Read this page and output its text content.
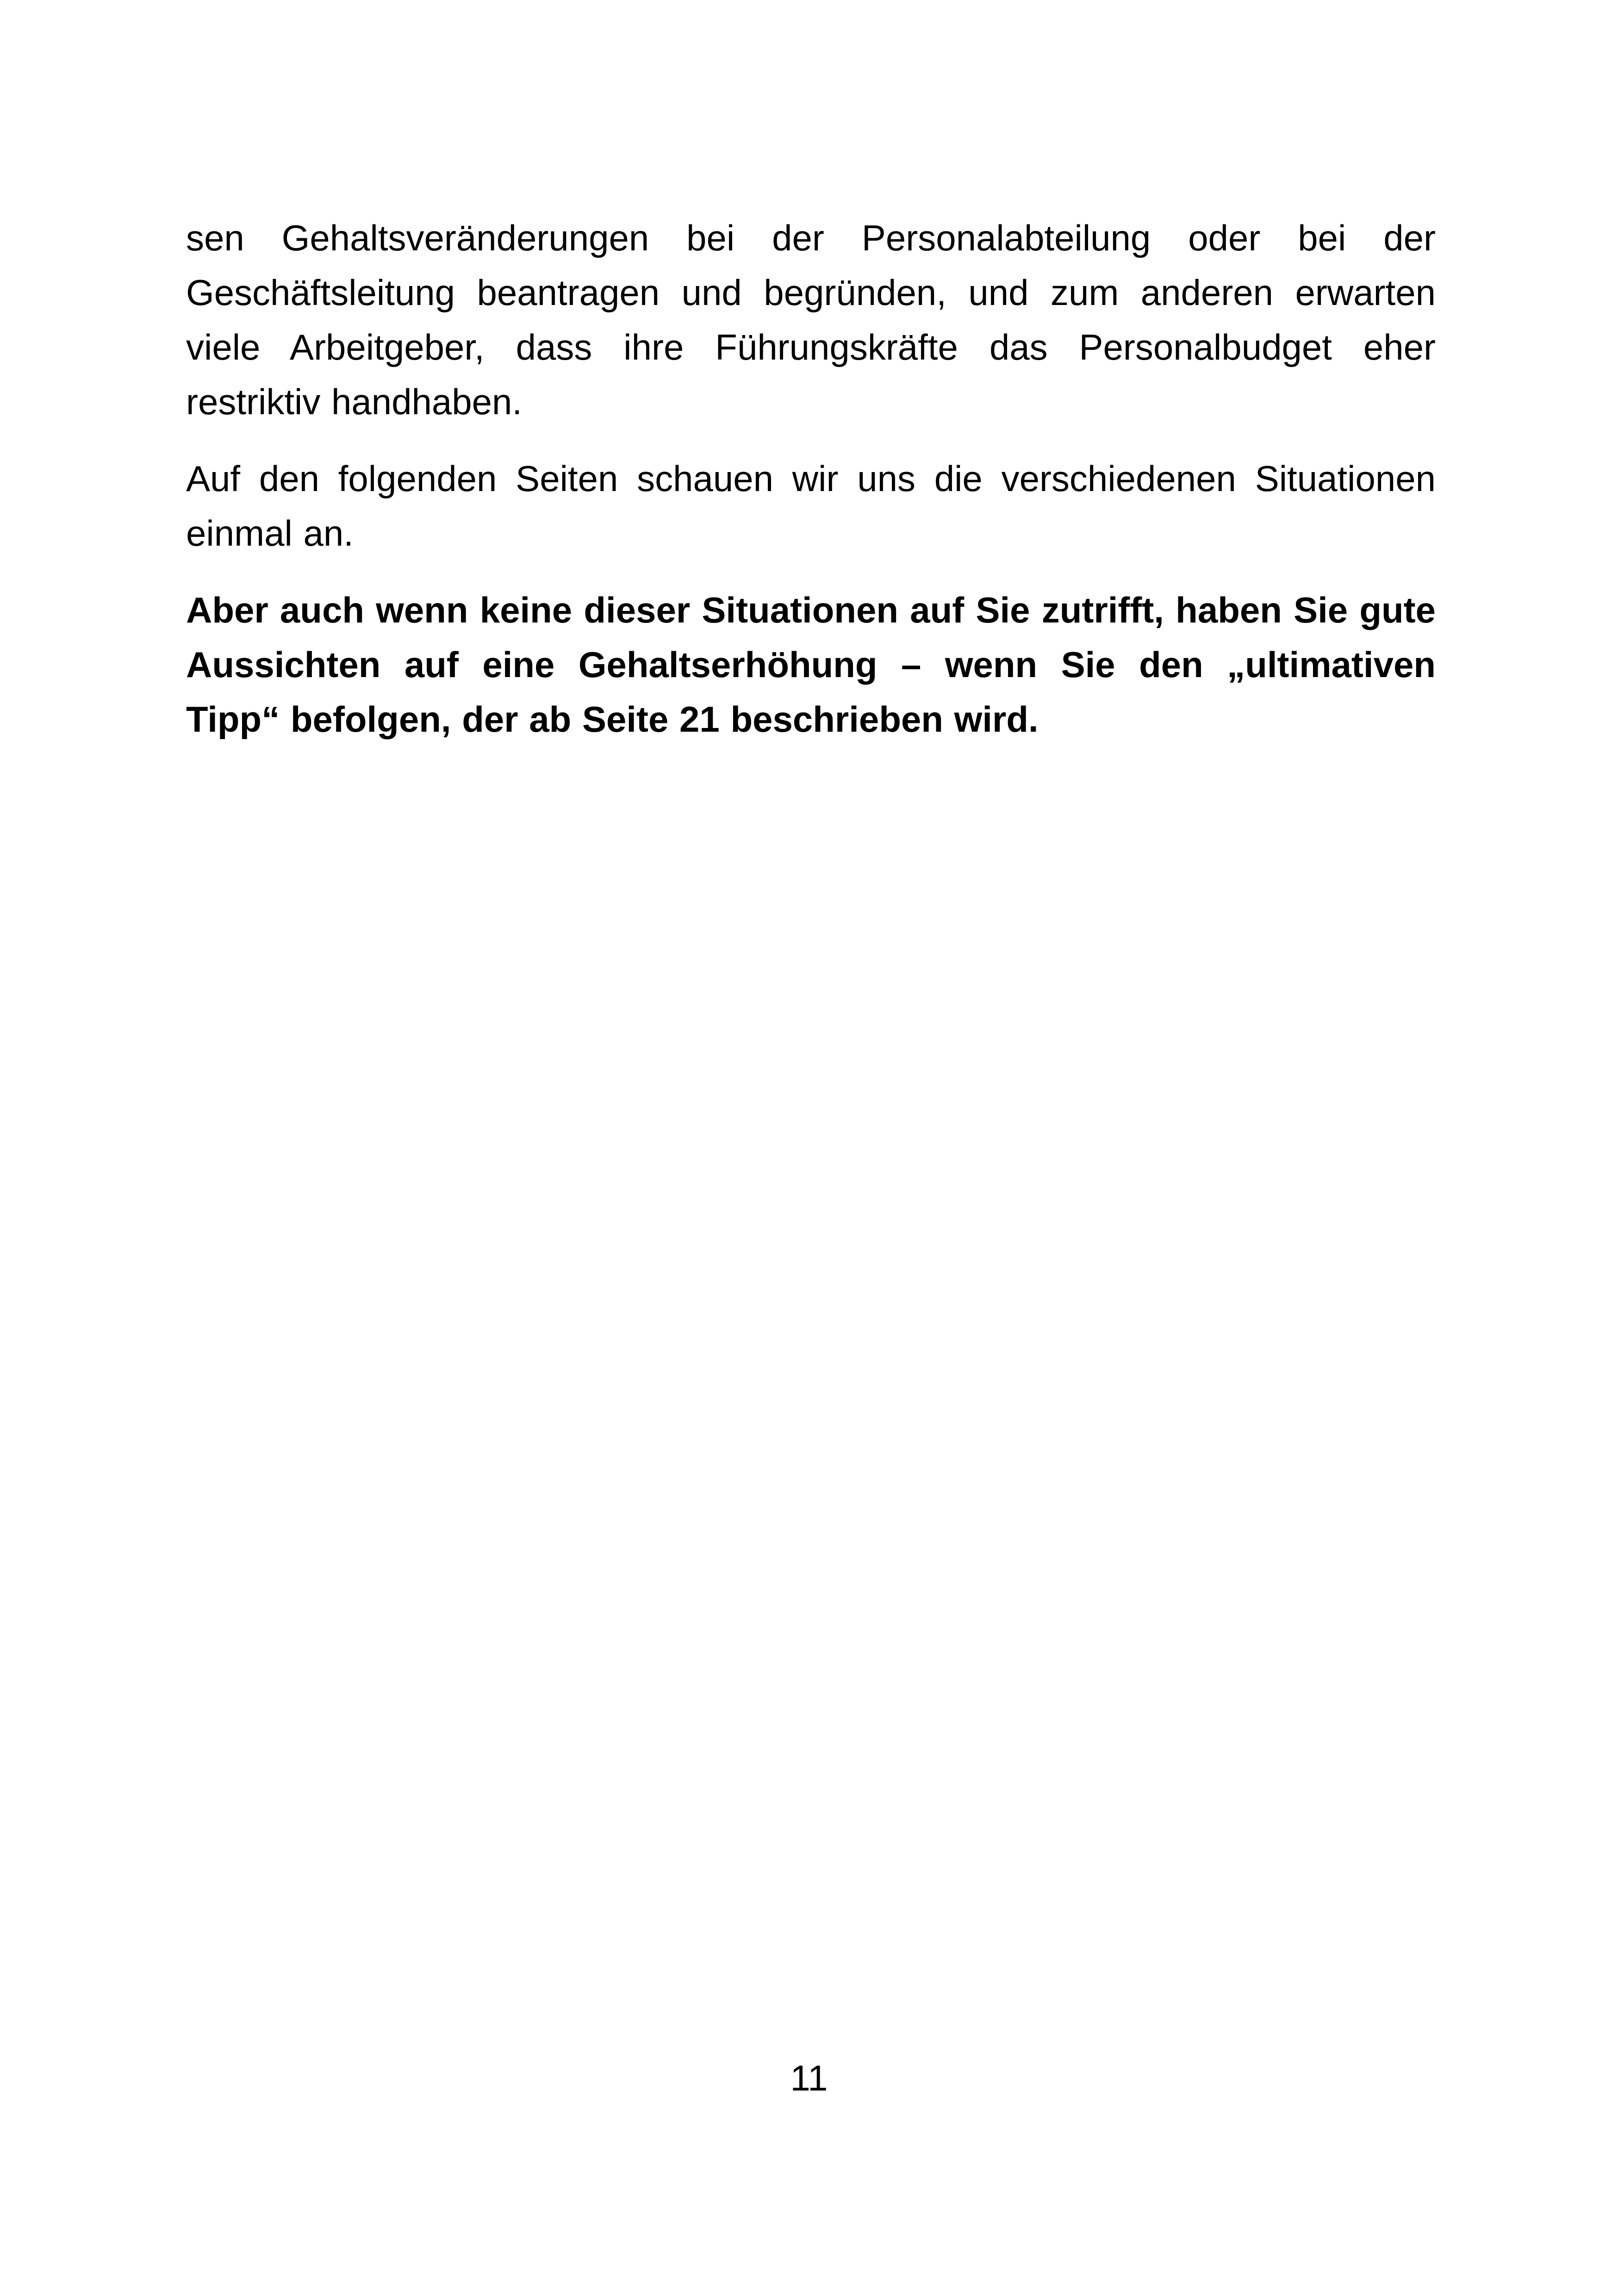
sen Gehaltsveränderungen bei der Personalabteilung oder bei der Geschäftsleitung beantragen und begründen, und zum anderen erwarten viele Arbeitgeber, dass ihre Führungskräfte das Personalbudget eher restriktiv handhaben.

Auf den folgenden Seiten schauen wir uns die verschiedenen Situationen einmal an.

Aber auch wenn keine dieser Situationen auf Sie zutrifft, haben Sie gute Aussichten auf eine Gehaltserhöhung – wenn Sie den „ultimativen Tipp“ befolgen, der ab Seite 21 beschrieben wird.

11
